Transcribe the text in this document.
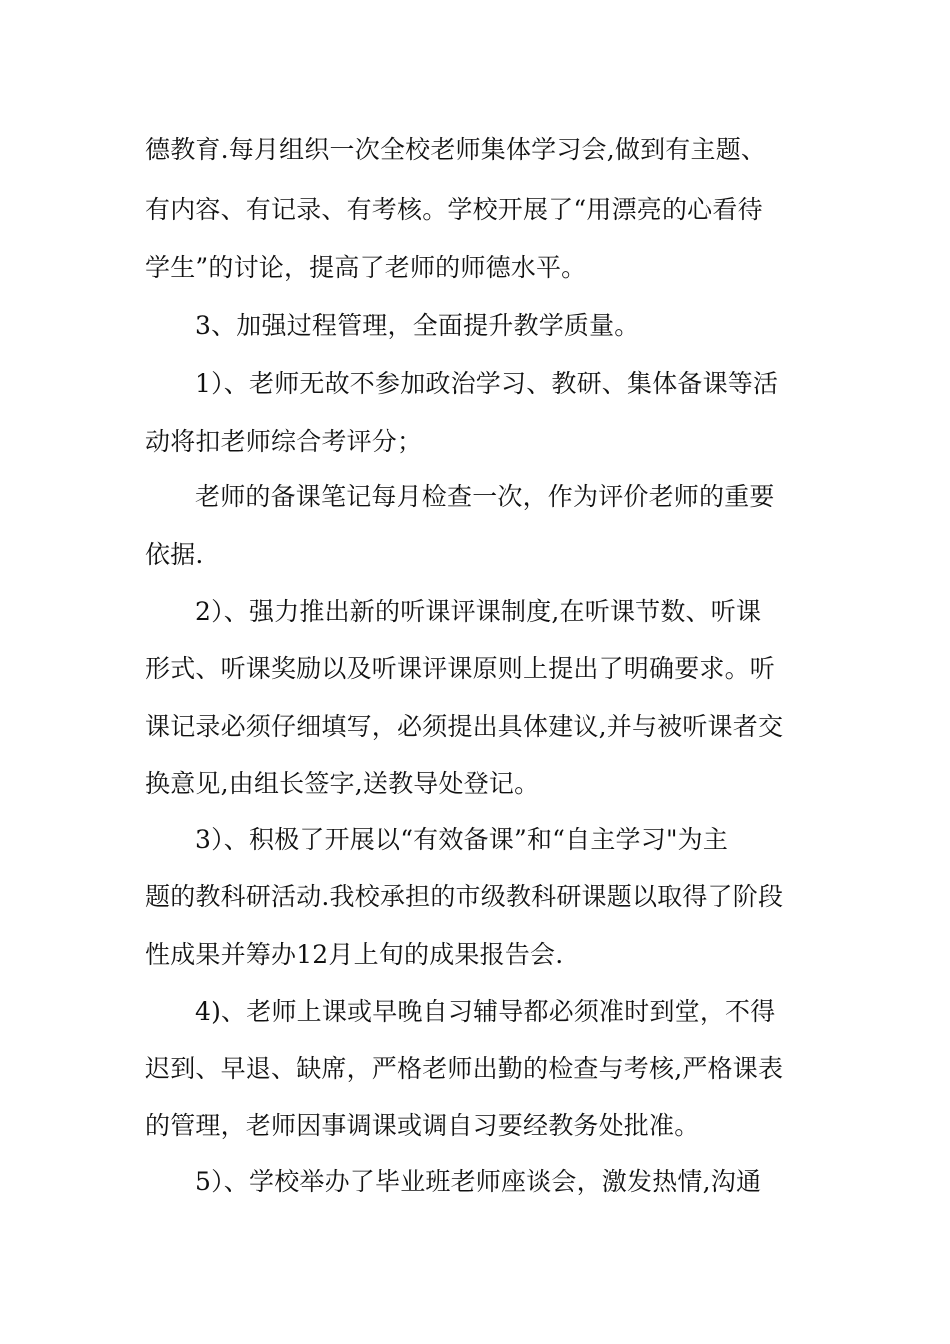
德教育.每月组织一次全校老师集体学习会,做到有主题、
有内容、有记录、有考核。学校开展了“用漂亮的心看待
学生”的讨论，提高了老师的师德水平。
3、加强过程管理，全面提升教学质量。
1）、老师无故不参加政治学习、教研、集体备课等活
动将扣老师综合考评分；
老师的备课笔记每月检查一次，作为评价老师的重要
依据.
2）、强力推出新的听课评课制度,在听课节数、听课
形式、听课奖励以及听课评课原则上提出了明确要求。听
课记录必须仔细填写，必须提出具体建议,并与被听课者交
换意见,由组长签字,送教导处登记。
3）、积极了开展以“有效备课”和“自主学习"为主
题的教科研活动.我校承担的市级教科研课题以取得了阶段
性成果并筹办12月上旬的成果报告会.
4)、老师上课或早晚自习辅导都必须准时到堂，不得
迟到、早退、缺席，严格老师出勤的检查与考核,严格课表
的管理，老师因事调课或调自习要经教务处批准。
5）、学校举办了毕业班老师座谈会，激发热情,沟通
